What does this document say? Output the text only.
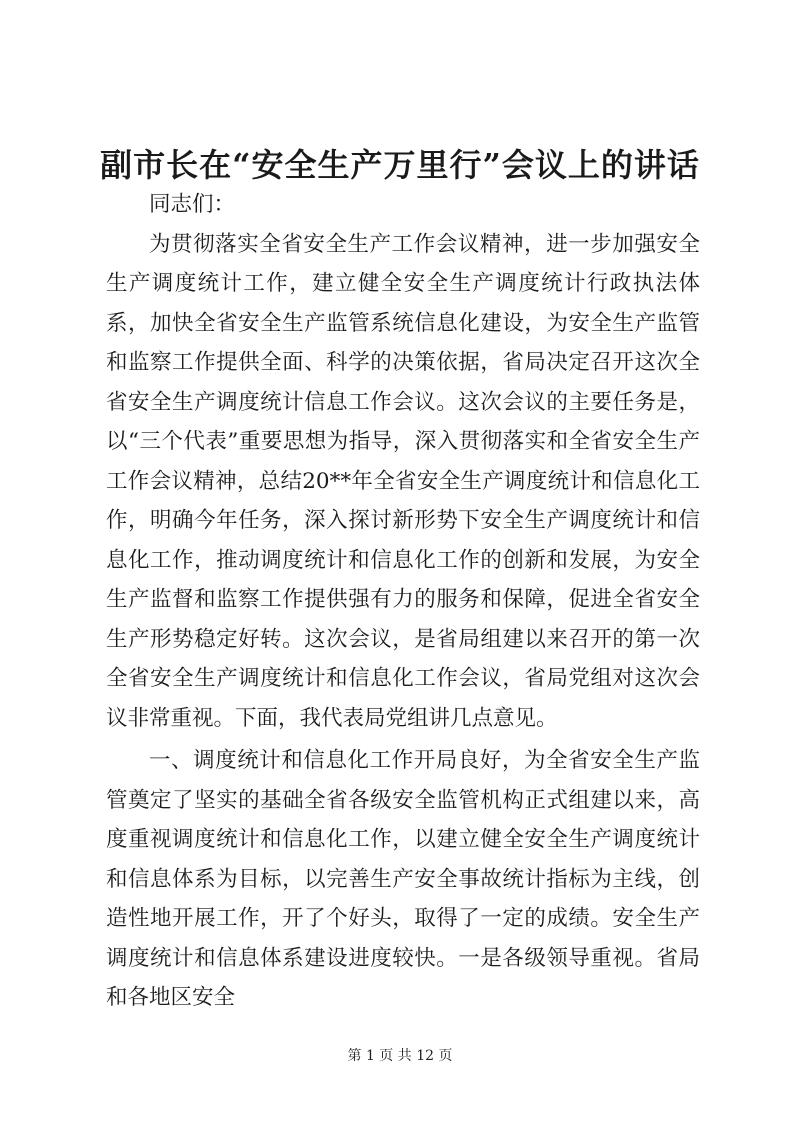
副市长在“安全生产万里行”会议上的讲话

同志们：

为贯彻落实全省安全生产工作会议精神，进一步加强安全生产调度统计工作，建立健全安全生产调度统计行政执法体系，加快全省安全生产监管系统信息化建设，为安全生产监管和监察工作提供全面、科学的决策依据，省局决定召开这次全省安全生产调度统计信息工作会议。这次会议的主要任务是，以“三个代表”重要思想为指导，深入贯彻落实和全省安全生产工作会议精神，总结20**年全省安全生产调度统计和信息化工作，明确今年任务，深入探讨新形势下安全生产调度统计和信息化工作，推动调度统计和信息化工作的创新和发展，为安全生产监督和监察工作提供强有力的服务和保障，促进全省安全生产形势稳定好转。这次会议，是省局组建以来召开的第一次全省安全生产调度统计和信息化工作会议，省局党组对这次会议非常重视。下面，我代表局党组讲几点意见。

一、调度统计和信息化工作开局良好，为全省安全生产监管奠定了坚实的基础全省各级安全监管机构正式组建以来，高度重视调度统计和信息化工作，以建立健全安全生产调度统计和信息体系为目标，以完善生产安全事故统计指标为主线，创造性地开展工作，开了个好头，取得了一定的成绩。安全生产调度统计和信息体系建设进度较快。一是各级领导重视。省局和各地区安全

第 1 页 共 12 页
